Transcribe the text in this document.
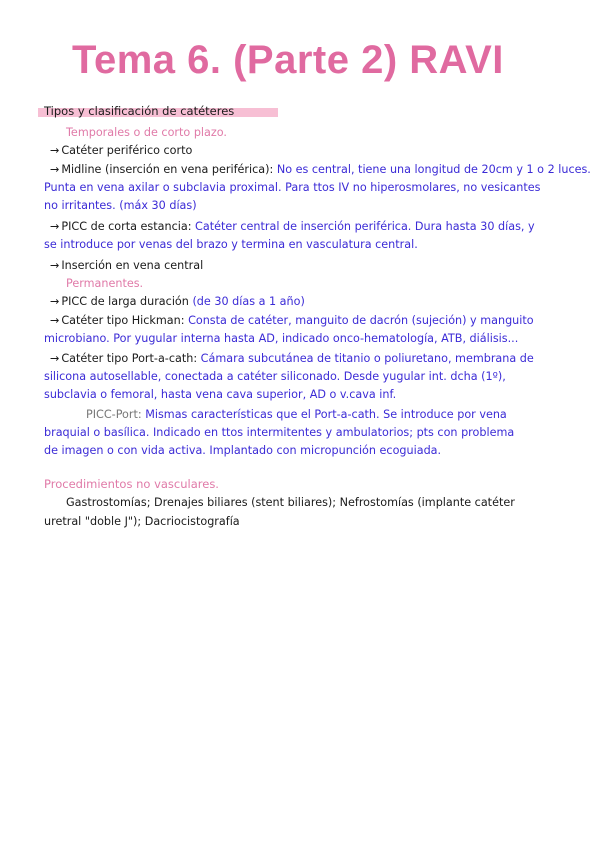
Tema 6. (Parte 2) RAVI
Tipos y clasificación de catéteres
Temporales o de corto plazo.
→ Catéter periférico corto
→ Midline (inserción en vena periférica): No es central, tiene una longitud de 20cm y 1 o 2 luces.
Punta en vena axilar o subclavia proximal. Para ttos IV no hiperosmolares, no vesicantes
no irritantes. (máx 30 días)
→ PICC de corta estancia: Catéter central de inserción periférica. Dura hasta 30 días, y
se introduce por venas del brazo y termina en vasculatura central.
→ Inserción en vena central
Permanentes.
→ PICC de larga duración (de 30 días a 1 año)
→ Catéter tipo Hickman: Consta de catéter, manguito de dacrón (sujeción) y manguito
microbiano. Por yugular interna hasta AD, indicado onco-hematología, ATB, diálisis...
→ Catéter tipo Port-a-cath: Cámara subcutánea de titanio o poliuretano, membrana de
silicona autosellable, conectada a catéter siliconado. Desde yugular int. dcha (1º),
subclavia o femoral, hasta vena cava superior, AD o v.cava inf.
PICC-Port: Mismas características que el Port-a-cath. Se introduce por vena
braquial o basílica. Indicado en ttos intermitentes y ambulatorios; pts con problema
de imagen o con vida activa. Implantado con micropunción ecoguiada.
Procedimientos no vasculares.
Gastrostomías; Drenajes biliares (stent biliares); Nefrostomías (implante catéter
uretral "doble J"); Dacriocistografía
